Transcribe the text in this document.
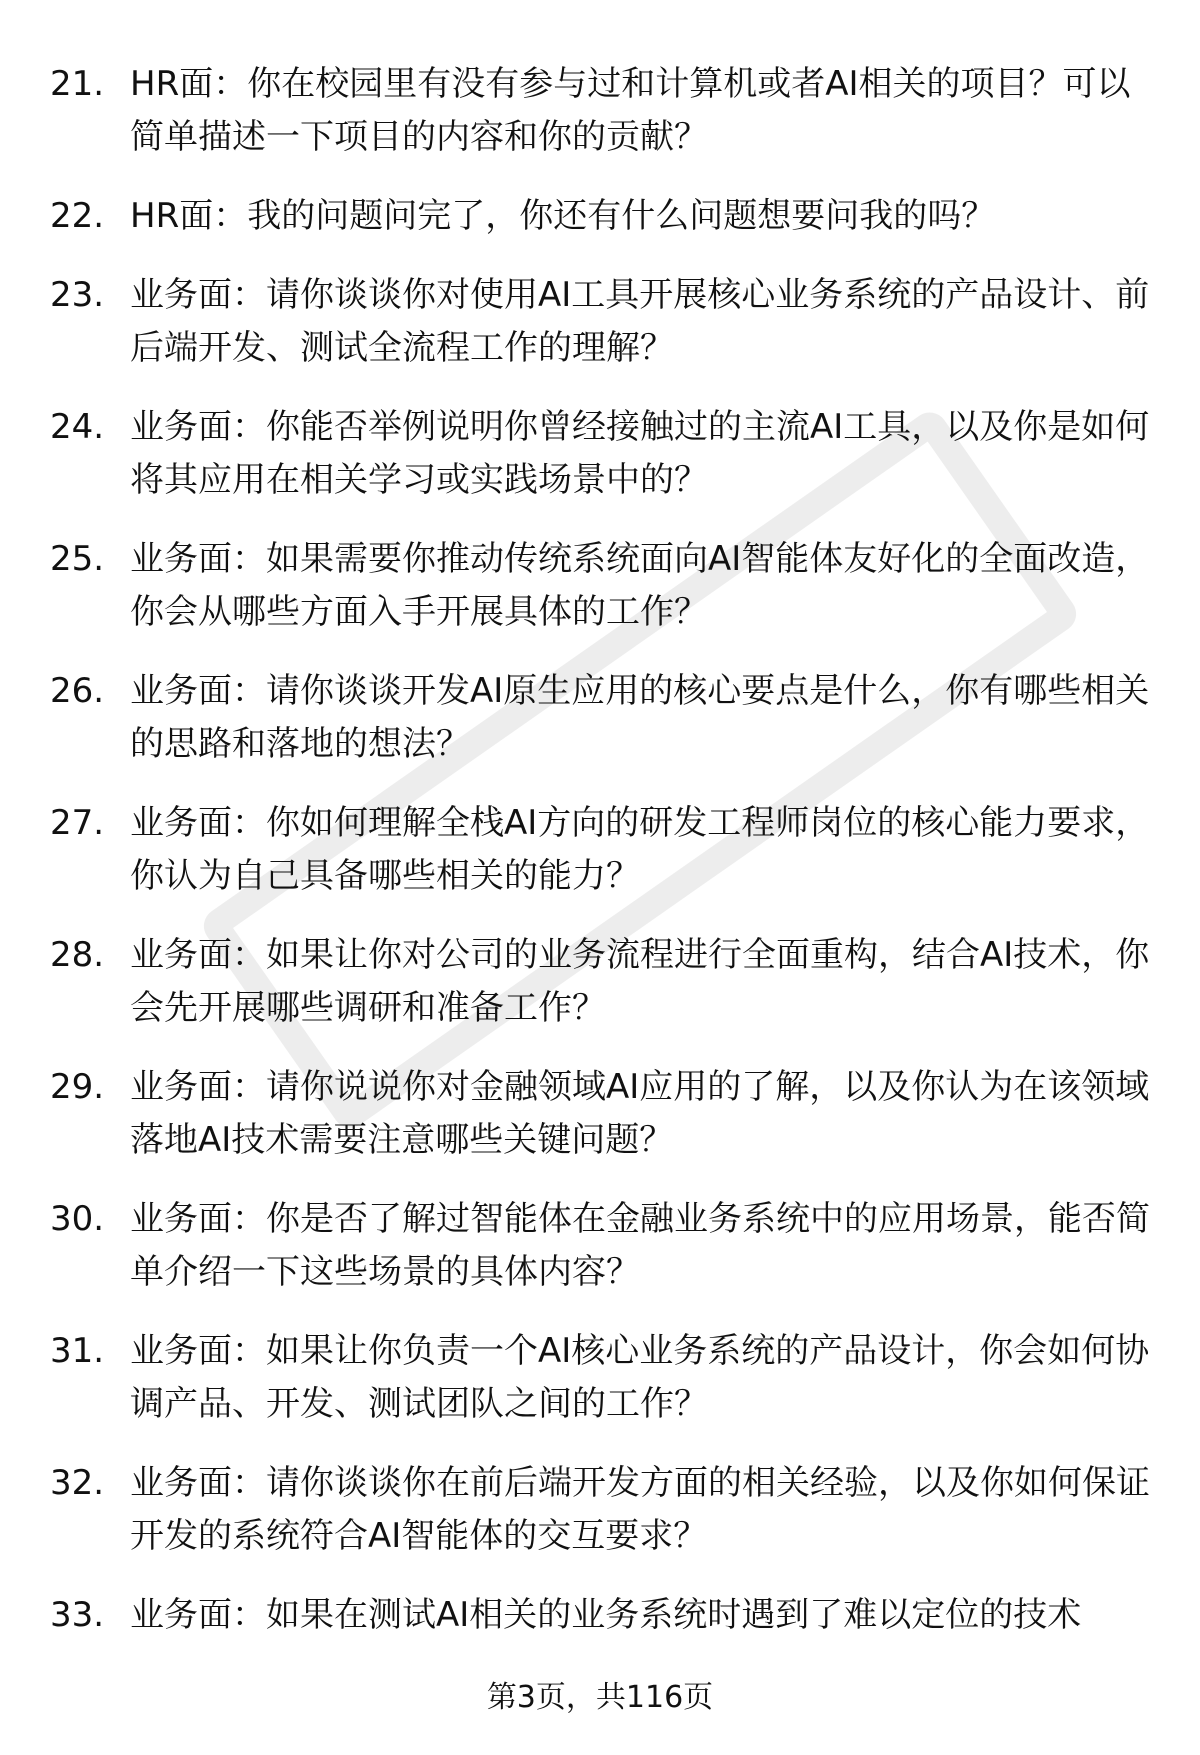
21. HR面：你在校园里有没有参与过和计算机或者AI相关的项目？可以简单描述一下项目的内容和你的贡献？
22. HR面：我的问题问完了，你还有什么问题想要问我的吗？
23. 业务面：请你谈谈你对使用AI工具开展核心业务系统的产品设计、前后端开发、测试全流程工作的理解？
24. 业务面：你能否举例说明你曾经接触过的主流AI工具，以及你是如何将其应用在相关学习或实践场景中的？
25. 业务面：如果需要你推动传统系统面向AI智能体友好化的全面改造，你会从哪些方面入手开展具体的工作？
26. 业务面：请你谈谈开发AI原生应用的核心要点是什么，你有哪些相关的思路和落地的想法？
27. 业务面：你如何理解全栈AI方向的研发工程师岗位的核心能力要求，你认为自己具备哪些相关的能力？
28. 业务面：如果让你对公司的业务流程进行全面重构，结合AI技术，你会先开展哪些调研和准备工作？
29. 业务面：请你说说你对金融领域AI应用的了解，以及你认为在该领域落地AI技术需要注意哪些关键问题？
30. 业务面：你是否了解过智能体在金融业务系统中的应用场景，能否简单介绍一下这些场景的具体内容？
31. 业务面：如果让你负责一个AI核心业务系统的产品设计，你会如何协调产品、开发、测试团队之间的工作？
32. 业务面：请你谈谈你在前后端开发方面的相关经验，以及你如何保证开发的系统符合AI智能体的交互要求？
33. 业务面：如果在测试AI相关的业务系统时遇到了难以定位的技术
第3页，共116页
